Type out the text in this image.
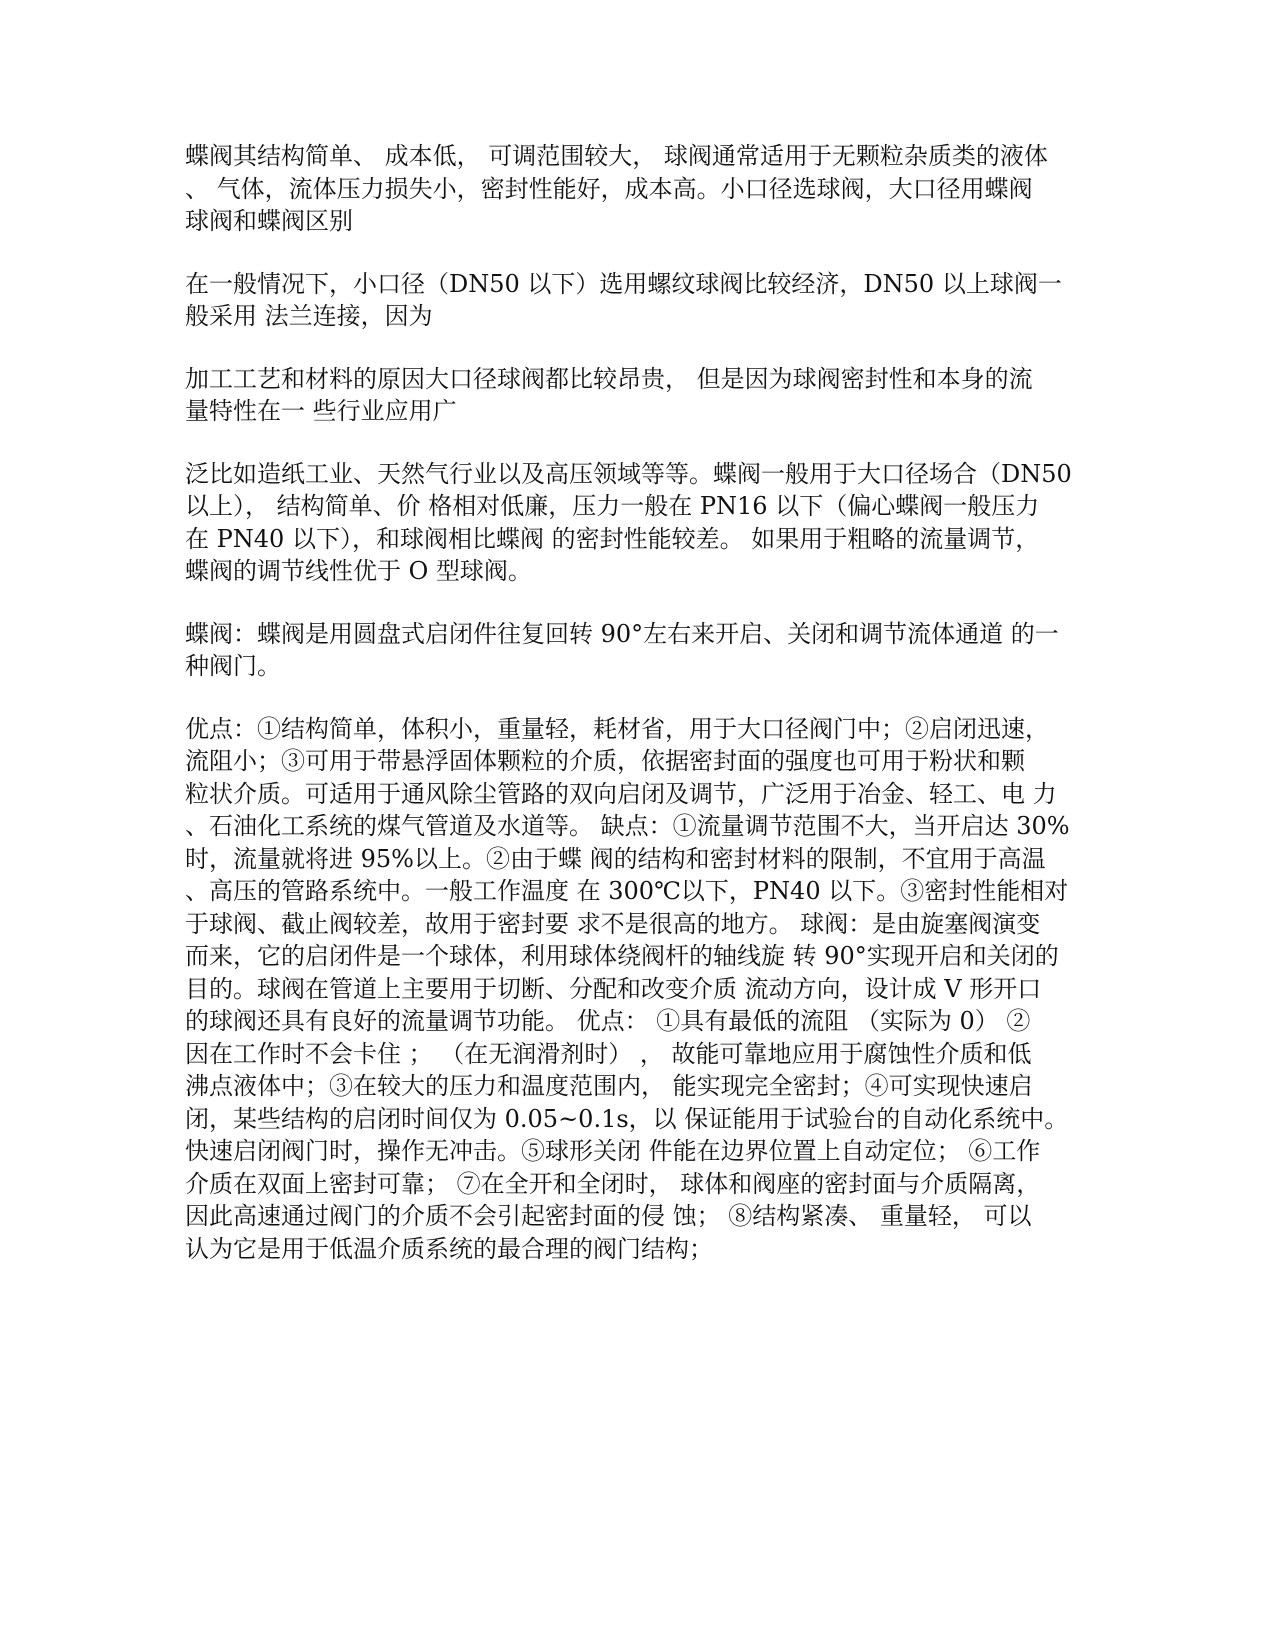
蝶阀其结构简单、 成本低， 可调范围较大， 球阀通常适用于无颗粒杂质类的液体
、 气体，流体压力损失小，密封性能好，成本高。小口径选球阀，大口径用蝶阀
球阀和蝶阀区别

在一般情况下，小口径（DN50 以下）选用螺纹球阀比较经济，DN50 以上球阀一
般采用 法兰连接，因为

加工工艺和材料的原因大口径球阀都比较昂贵， 但是因为球阀密封性和本身的流
量特性在一 些行业应用广

泛比如造纸工业、天然气行业以及高压领域等等。蝶阀一般用于大口径场合（DN50
以上）， 结构简单、价 格相对低廉，压力一般在 PN16 以下（偏心蝶阀一般压力
在 PN40 以下），和球阀相比蝶阀 的密封性能较差。 如果用于粗略的流量调节，
蝶阀的调节线性优于 O 型球阀。

蝶阀：蝶阀是用圆盘式启闭件往复回转 90°左右来开启、关闭和调节流体通道 的一
种阀门。

优点：①结构简单，体积小，重量轻，耗材省，用于大口径阀门中；②启闭迅速，
流阻小；③可用于带悬浮固体颗粒的介质，依据密封面的强度也可用于粉状和颗
粒状介质。可适用于通风除尘管路的双向启闭及调节，广泛用于冶金、轻工、电 力
、石油化工系统的煤气管道及水道等。 缺点：①流量调节范围不大，当开启达 30%
时，流量就将进 95%以上。②由于蝶 阀的结构和密封材料的限制，不宜用于高温
、高压的管路系统中。一般工作温度 在 300℃以下，PN40 以下。③密封性能相对
于球阀、截止阀较差，故用于密封要 求不是很高的地方。 球阀：是由旋塞阀演变
而来，它的启闭件是一个球体，利用球体绕阀杆的轴线旋 转 90°实现开启和关闭的
目的。球阀在管道上主要用于切断、分配和改变介质 流动方向，设计成 V 形开口
的球阀还具有良好的流量调节功能。 优点： ①具有最低的流阻 （实际为 0） ②
因在工作时不会卡住 ； （在无润滑剂时） ， 故能可靠地应用于腐蚀性介质和低
沸点液体中；③在较大的压力和温度范围内， 能实现完全密封；④可实现快速启
闭，某些结构的启闭时间仅为 0.05~0.1s，以 保证能用于试验台的自动化系统中。
快速启闭阀门时，操作无冲击。⑤球形关闭 件能在边界位置上自动定位； ⑥工作
介质在双面上密封可靠； ⑦在全开和全闭时， 球体和阀座的密封面与介质隔离，
因此高速通过阀门的介质不会引起密封面的侵 蚀； ⑧结构紧凑、 重量轻， 可以
认为它是用于低温介质系统的最合理的阀门结构；
